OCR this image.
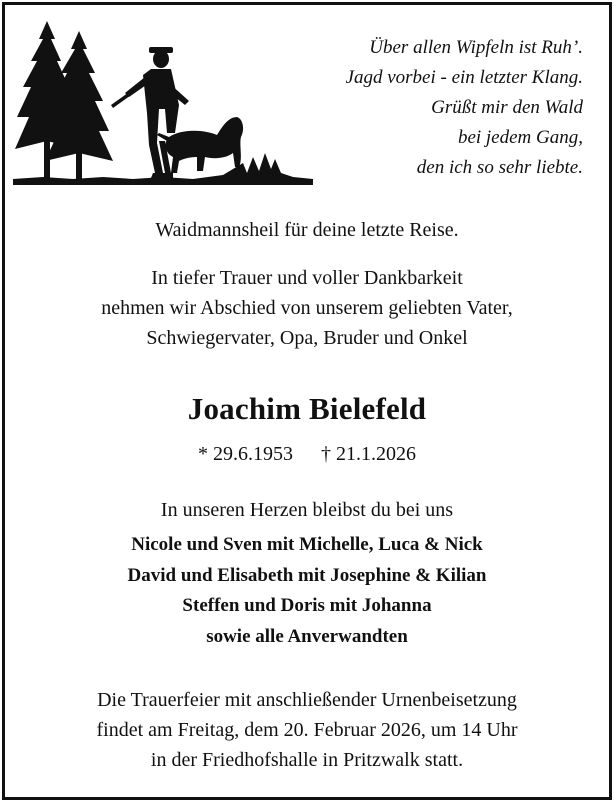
Über allen Wipfeln ist Ruh’.
Jagd vorbei - ein letzter Klang.
Grüßt mir den Wald
bei jedem Gang,
den ich so sehr liebte.
Waidmannsheil für deine letzte Reise.
In tiefer Trauer und voller Dankbarkeit
nehmen wir Abschied von unserem geliebten Vater,
Schwiegervater, Opa, Bruder und Onkel
Joachim Bielefeld
* 29.6.1953 † 21.1.2026
In unseren Herzen bleibst du bei uns
Nicole und Sven mit Michelle, Luca & Nick
David und Elisabeth mit Josephine & Kilian
Steffen und Doris mit Johanna
sowie alle Anverwandten
Die Trauerfeier mit anschließender Urnenbeisetzung
findet am Freitag, dem 20. Februar 2026, um 14 Uhr
in der Friedhofshalle in Pritzwalk statt.
